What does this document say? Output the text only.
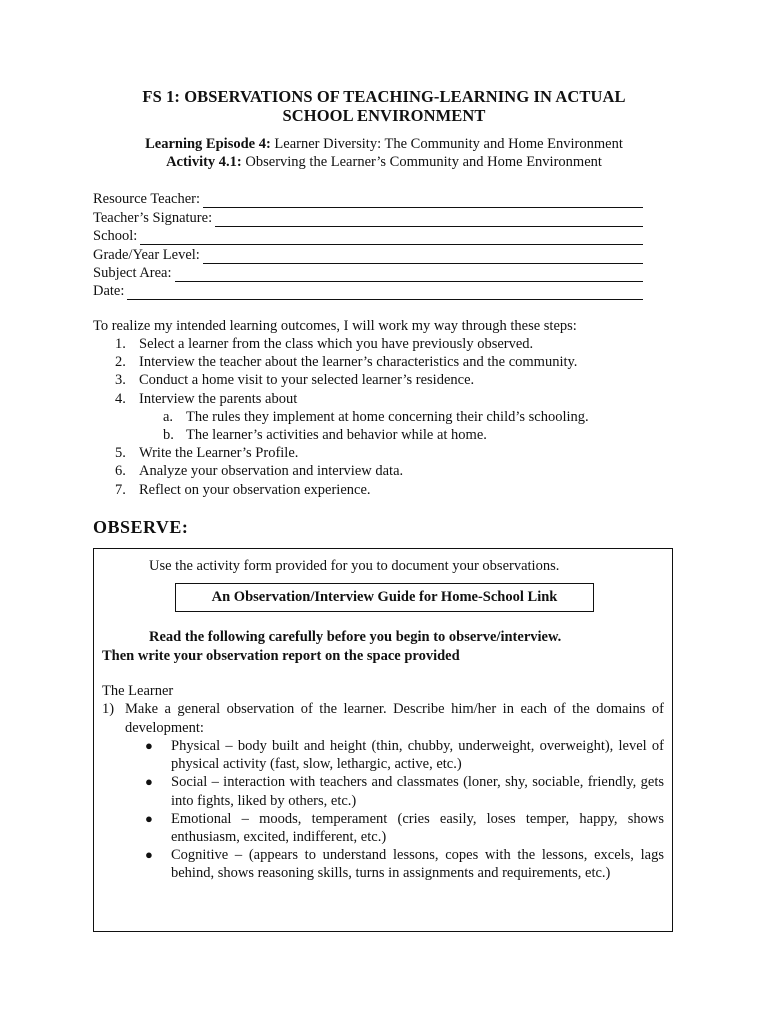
FS 1: OBSERVATIONS OF TEACHING-LEARNING IN ACTUAL
SCHOOL ENVIRONMENT
Learning Episode 4: Learner Diversity: The Community and Home Environment
Activity 4.1: Observing the Learner’s Community and Home Environment
Resource Teacher:
Teacher’s Signature:
School:
Grade/Year Level:
Subject Area:
Date:
To realize my intended learning outcomes, I will work my way through these steps:
1. Select a learner from the class which you have previously observed.
2. Interview the teacher about the learner’s characteristics and the community.
3. Conduct a home visit to your selected learner’s residence.
4. Interview the parents about
a. The rules they implement at home concerning their child’s schooling.
b. The learner’s activities and behavior while at home.
5. Write the Learner’s Profile.
6. Analyze your observation and interview data.
7. Reflect on your observation experience.
OBSERVE:
Use the activity form provided for you to document your observations.
An Observation/Interview Guide for Home-School Link
Read the following carefully before you begin to observe/interview.
Then write your observation report on the space provided
The Learner
1) Make a general observation of the learner. Describe him/her in each of the domains of development:
● Physical – body built and height (thin, chubby, underweight, overweight), level of physical activity (fast, slow, lethargic, active, etc.)
● Social – interaction with teachers and classmates (loner, shy, sociable, friendly, gets into fights, liked by others, etc.)
● Emotional – moods, temperament (cries easily, loses temper, happy, shows enthusiasm, excited, indifferent, etc.)
● Cognitive – (appears to understand lessons, copes with the lessons, excels, lags behind, shows reasoning skills, turns in assignments and requirements, etc.)
